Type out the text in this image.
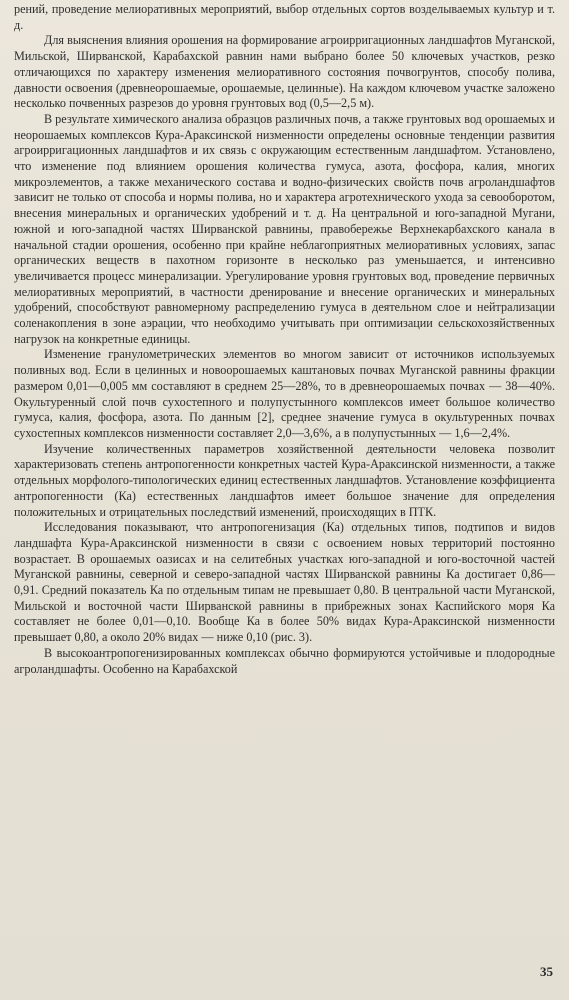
рений, проведение мелиоративных мероприятий, выбор отдельных сортов возделываемых культур и т. д.

Для выяснения влияния орошения на формирование агроирригационных ландшафтов Муганской, Мильской, Ширванской, Карабахской равнин нами выбрано более 50 ключевых участков, резко отличающихся по характеру изменения мелиоративного состояния почвогрунтов, способу полива, давности освоения (древнеорошаемые, орошаемые, целинные). На каждом ключевом участке заложено несколько почвенных разрезов до уровня грунтовых вод (0,5—2,5 м).

В результате химического анализа образцов различных почв, а также грунтовых вод орошаемых и неорошаемых комплексов Кура-Араксинской низменности определены основные тенденции развития агроирригационных ландшафтов и их связь с окружающим естественным ландшафтом. Установлено, что изменение под влиянием орошения количества гумуса, азота, фосфора, калия, многих микроэлементов, а также механического состава и водно-физических свойств почв агроландшафтов зависит не только от способа и нормы полива, но и характера агротехнического ухода за севооборотом, внесения минеральных и органических удобрений и т. д. На центральной и юго-западной Мугани, южной и юго-западной частях Ширванской равнины, правобережье Верхнекарбахского канала в начальной стадии орошения, особенно при крайне неблагоприятных мелиоративных условиях, запас органических веществ в пахотном горизонте в несколько раз уменьшается, и интенсивно увеличивается процесс минерализации. Урегулирование уровня грунтовых вод, проведение первичных мелиоративных мероприятий, в частности дренирование и внесение органических и минеральных удобрений, способствуют равномерному распределению гумуса в деятельном слое и нейтрализации соленакопления в зоне аэрации, что необходимо учитывать при оптимизации сельскохозяйственных нагрузок на конкретные единицы.

Изменение гранулометрических элементов во многом зависит от источников используемых поливных вод. Если в целинных и новоорошаемых каштановых почвах Муганской равнины фракции размером 0,01—0,005 мм составляют в среднем 25—28%, то в древнеорошаемых почвах — 38—40%. Окультуренный слой почв сухостепного и полупустынного комплексов имеет большое количество гумуса, калия, фосфора, азота. По данным [2], среднее значение гумуса в окультуренных почвах сухостепных комплексов низменности составляет 2,0—3,6%, а в полупустынных — 1,6—2,4%.

Изучение количественных параметров хозяйственной деятельности человека позволит характеризовать степень антропогенности конкретных частей Кура-Араксинской низменности, а также отдельных морфолого-типологических единиц естественных ландшафтов. Установление коэффициента антропогенности (Ка) естественных ландшафтов имеет большое значение для определения положительных и отрицательных последствий изменений, происходящих в ПТК.

Исследования показывают, что антропогенизация (Ка) отдельных типов, подтипов и видов ландшафта Кура-Араксинской низменности в связи с освоением новых территорий постоянно возрастает. В орошаемых оазисах и на селитебных участках юго-западной и юго-восточной частей Муганской равнины, северной и северо-западной частях Ширванской равнины Ка достигает 0,86—0,91. Средний показатель Ка по отдельным типам не превышает 0,80. В центральной части Муганской, Мильской и восточной части Ширванской равнины в прибрежных зонах Каспийского моря Ка составляет не более 0,01—0,10. Вообще Ка в более 50% видах Кура-Араксинской низменности превышает 0,80, а около 20% видах — ниже 0,10 (рис. 3).

В высокоантропогенизированных комплексах обычно формируются устойчивые и плодородные агроландшафты. Особенно на Карабахской

35
